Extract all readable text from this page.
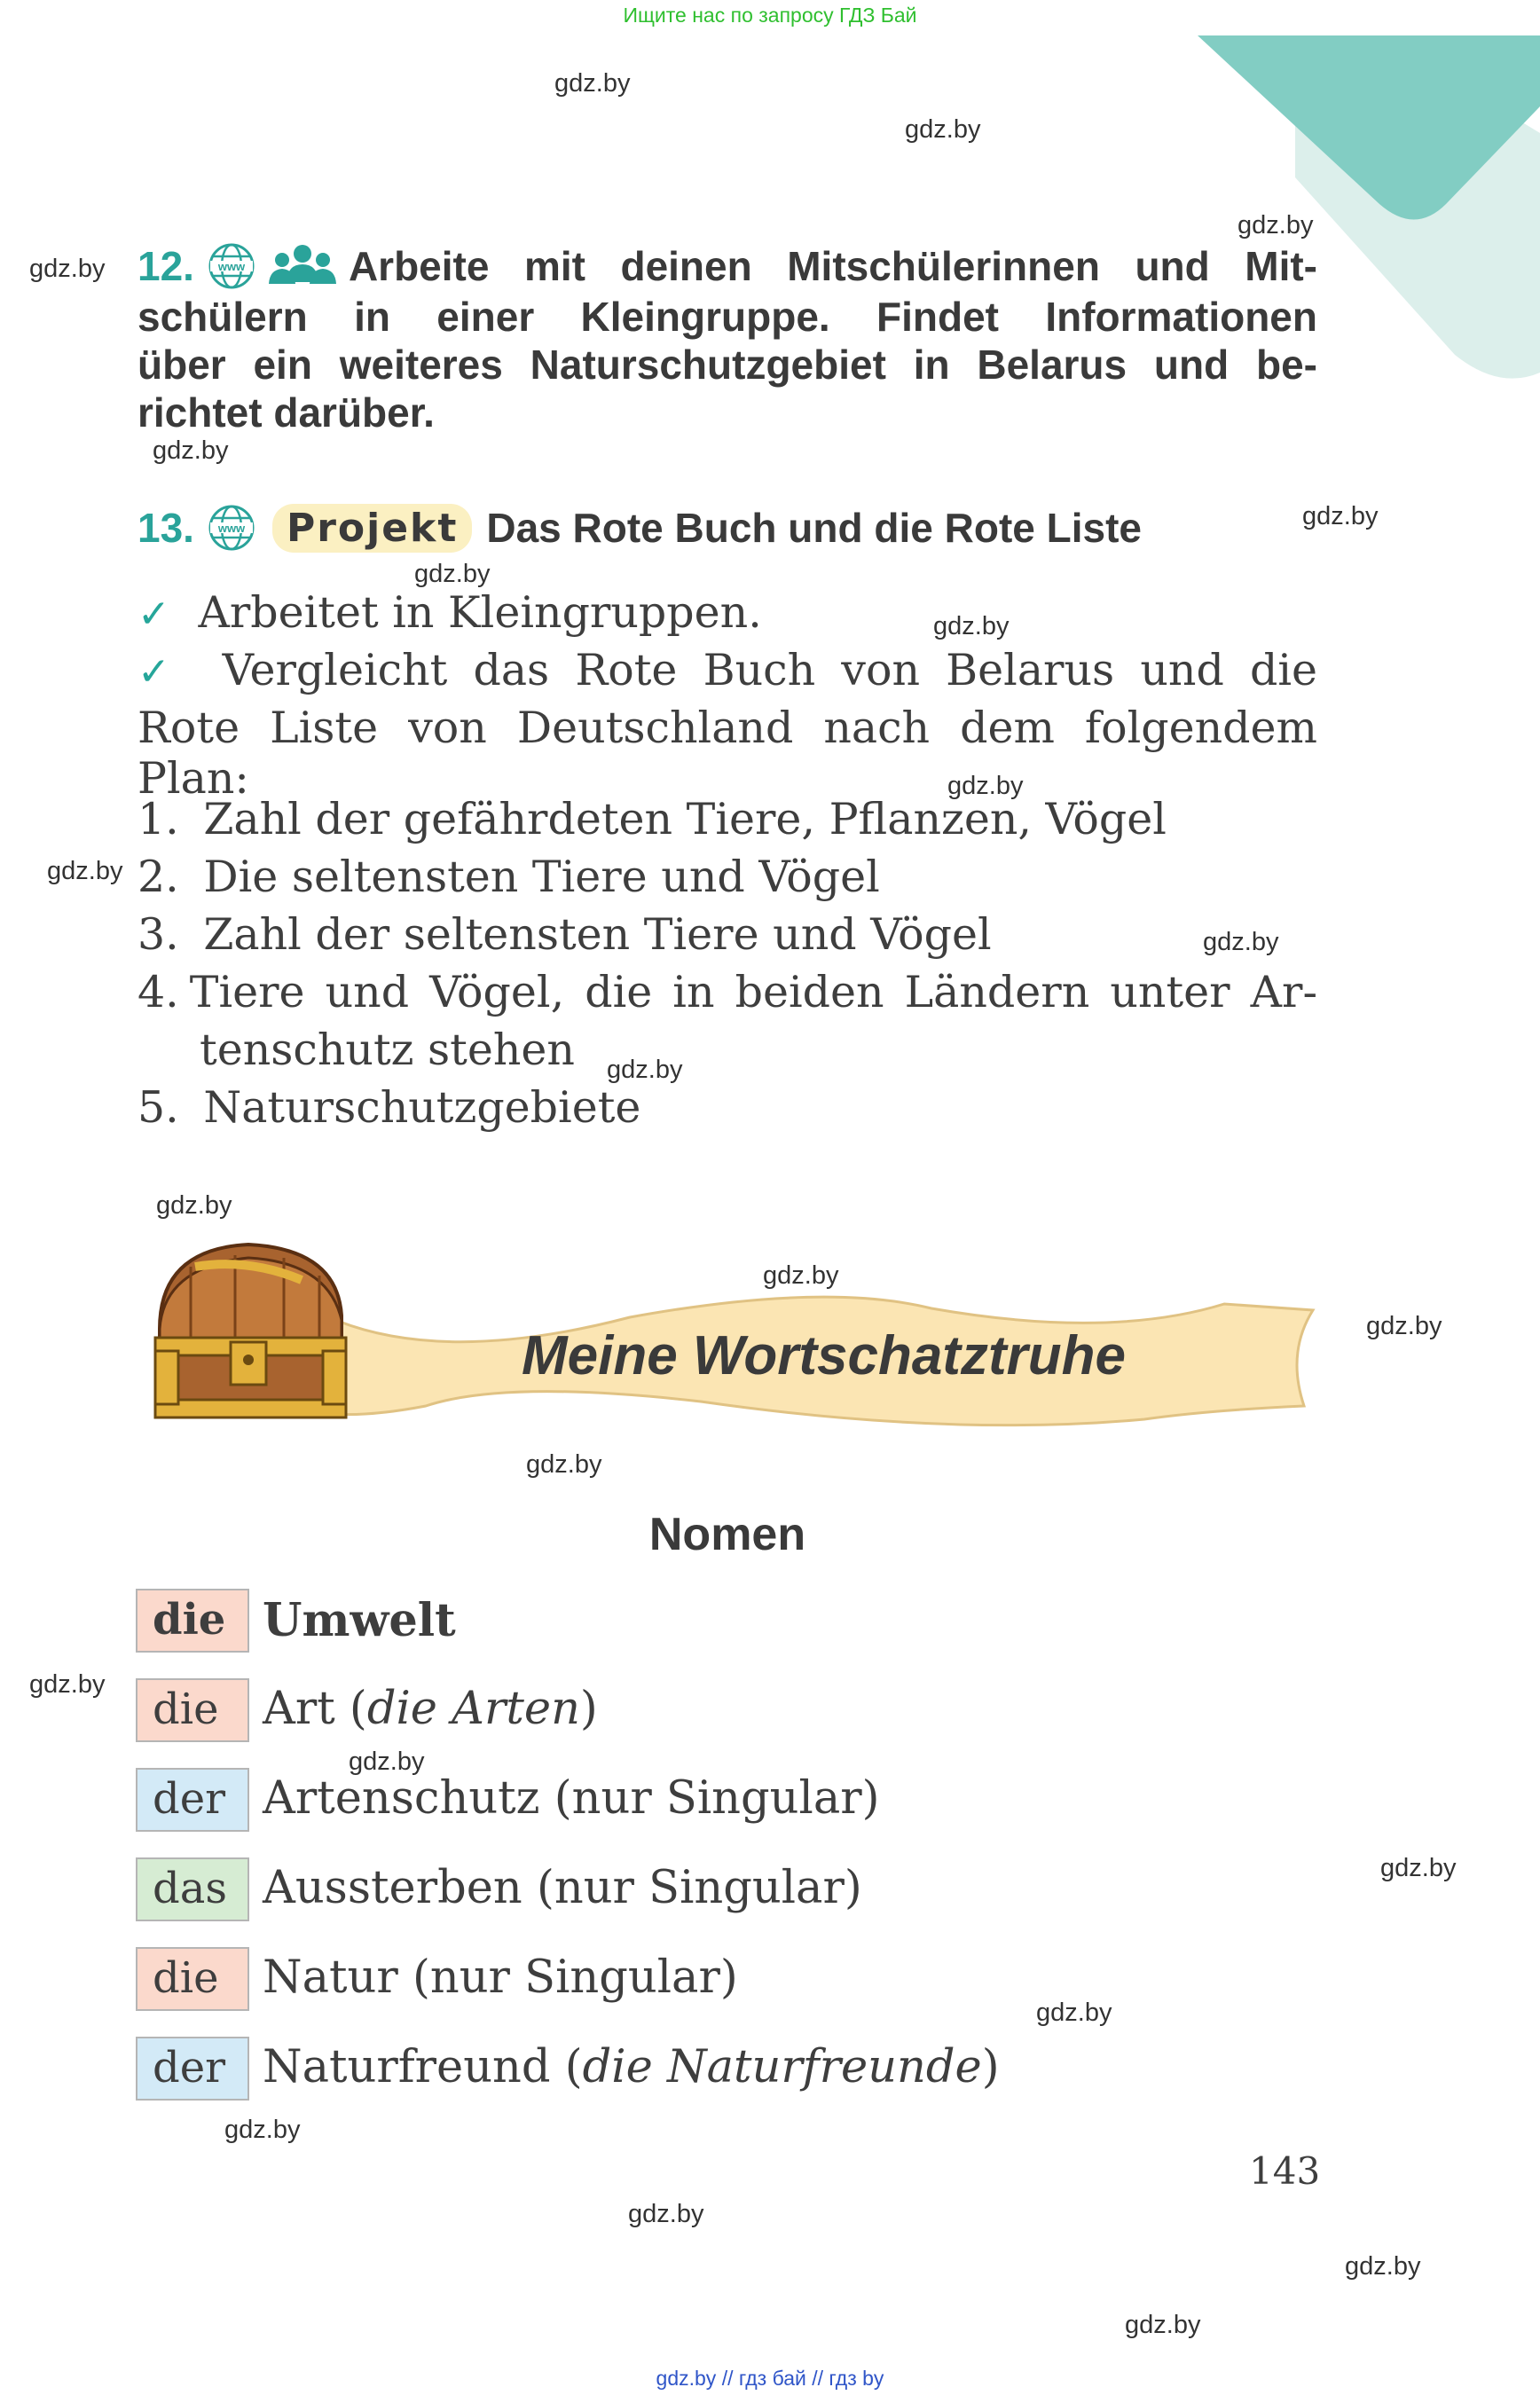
Ищите нас по запросу ГДЗ Бай
gdz.by
gdz.by
gdz.by
gdz.by
gdz.by
gdz.by
gdz.by
gdz.by
gdz.by
gdz.by
gdz.by
gdz.by
gdz.by
gdz.by
gdz.by
gdz.by
gdz.by
gdz.by
gdz.by
gdz.by
gdz.by
gdz.by
gdz.by
gdz.by
12. www	Arbeite mit deinen Mitschülerinnen und Mit-
schülern in einer Kleingruppe. Findet Informationen
über ein weiteres Naturschutzgebiet in Belarus und be-
richtet darüber.
13. www	Projekt Das Rote Buch und die Rote Liste
✓ Arbeitet in Kleingruppen.
✓ Vergleicht das Rote Buch von Belarus und die
Rote Liste von Deutschland nach dem folgendem Plan:
1. Zahl der gefährdeten Tiere, Pflanzen, Vögel
2. Die seltensten Tiere und Vögel
3. Zahl der seltensten Tiere und Vögel
4. Tiere und Vögel, die in beiden Ländern unter Ar-
tenschutz stehen
5. Naturschutzgebiete
Meine Wortschatztruhe
Nomen
die Umwelt
die Art (die Arten)
der Artenschutz (nur Singular)
das Aussterben (nur Singular)
die Natur (nur Singular)
der Naturfreund (die Naturfreunde)
143
gdz.by // гдз бай // гдз by
